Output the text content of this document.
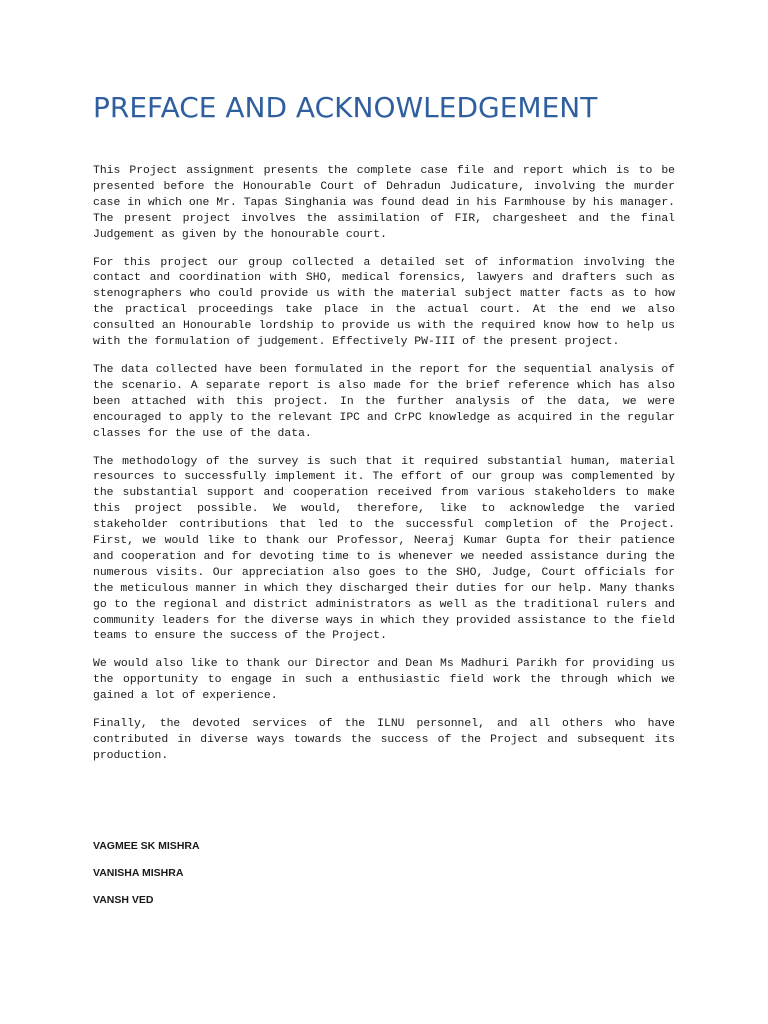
PREFACE AND ACKNOWLEDGEMENT

This Project assignment presents the complete case file and report which is to be presented before the Honourable Court of Dehradun Judicature, involving the murder case in which one Mr. Tapas Singhania was found dead in his Farmhouse by his manager. The present project involves the assimilation of FIR, chargesheet and the final Judgement as given by the honourable court.

For this project our group collected a detailed set of information involving the contact and coordination with SHO, medical forensics, lawyers and drafters such as stenographers who could provide us with the material subject matter facts as to how the practical proceedings take place in the actual court. At the end we also consulted an Honourable lordship to provide us with the required know how to help us with the formulation of judgement. Effectively PW-III of the present project.

The data collected have been formulated in the report for the sequential analysis of the scenario. A separate report is also made for the brief reference which has also been attached with this project. In the further analysis of the data, we were encouraged to apply to the relevant IPC and CrPC knowledge as acquired in the regular classes for the use of the data.

The methodology of the survey is such that it required substantial human, material resources to successfully implement it. The effort of our group was complemented by the substantial support and cooperation received from various stakeholders to make this project possible. We would, therefore, like to acknowledge the varied stakeholder contributions that led to the successful completion of the Project. First, we would like to thank our Professor, Neeraj Kumar Gupta for their patience and cooperation and for devoting time to is whenever we needed assistance during the numerous visits. Our appreciation also goes to the SHO, Judge, Court officials for the meticulous manner in which they discharged their duties for our help. Many thanks go to the regional and district administrators as well as the traditional rulers and community leaders for the diverse ways in which they provided assistance to the field teams to ensure the success of the Project.

We would also like to thank our Director and Dean Ms Madhuri Parikh for providing us the opportunity to engage in such a enthusiastic field work the through which we gained a lot of experience.

Finally, the devoted services of the ILNU personnel, and all others who have contributed in diverse ways towards the success of the Project and subsequent its production.

VAGMEE SK MISHRA

VANISHA MISHRA

VANSH VED
